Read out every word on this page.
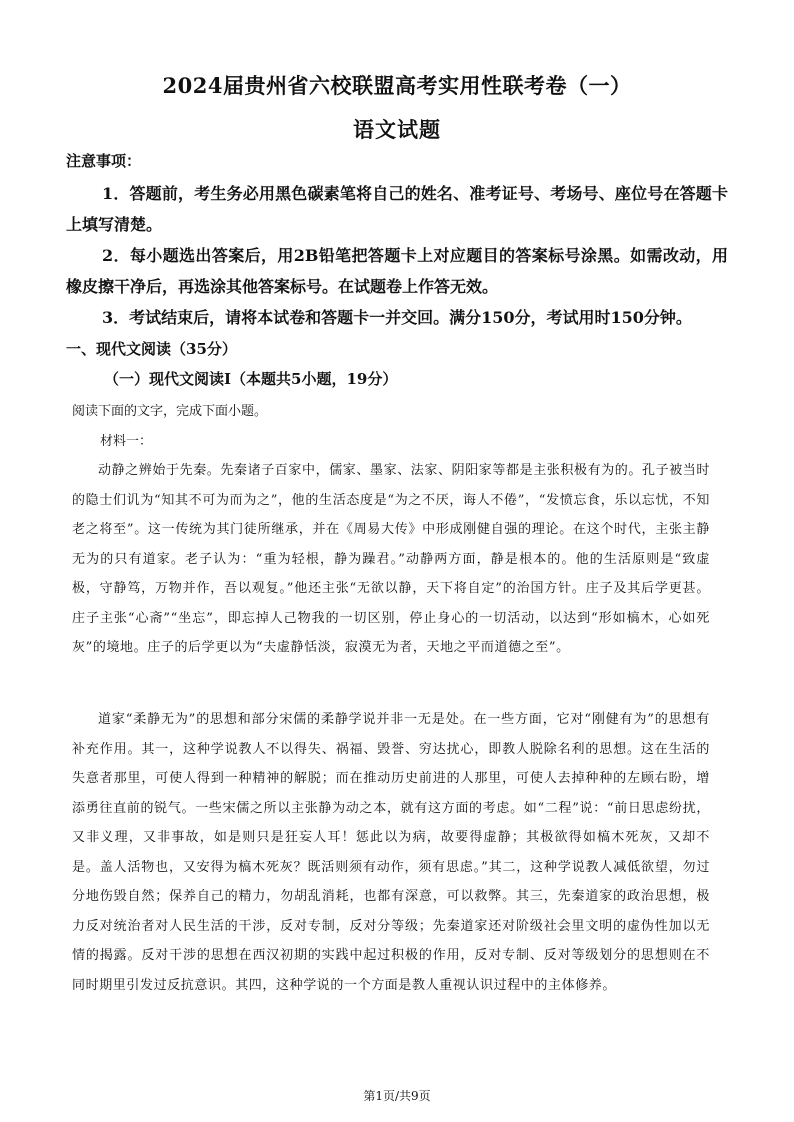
2024届贵州省六校联盟高考实用性联考卷（一）
语文试题
注意事项：
1．答题前，考生务必用黑色碳素笔将自己的姓名、准考证号、考场号、座位号在答题卡上填写清楚。
2．每小题选出答案后，用2B铅笔把答题卡上对应题目的答案标号涂黑。如需改动，用橡皮擦干净后，再选涂其他答案标号。在试题卷上作答无效。
3．考试结束后，请将本试卷和答题卡一并交回。满分150分，考试用时150分钟。
一、现代文阅读（35分）
（一）现代文阅读Ⅰ（本题共5小题，19分）
阅读下面的文字，完成下面小题。
材料一：
动静之辨始于先秦。先秦诸子百家中，儒家、墨家、法家、阴阳家等都是主张积极有为的。孔子被当时的隐士们讥为“知其不可为而为之”，他的生活态度是“为之不厌，诲人不倦”，“发愤忘食，乐以忘忧，不知老之将至”。这一传统为其门徒所继承，并在《周易大传》中形成刚健自强的理论。在这个时代，主张主静无为的只有道家。老子认为：“重为轻根，静为躁君。”动静两方面，静是根本的。他的生活原则是“致虚极，守静笃，万物并作，吾以观复。”他还主张“无欲以静，天下将自定”的治国方针。庄子及其后学更甚。庄子主张“心斋”“坐忘”，即忘掉人己物我的一切区别，停止身心的一切活动，以达到“形如槁木，心如死灰”的境地。庄子的后学更以为“夫虚静恬淡，寂漠无为者，天地之平而道德之至”。
道家“柔静无为”的思想和部分宋儒的柔静学说并非一无是处。在一些方面，它对“刚健有为”的思想有补充作用。其一，这种学说教人不以得失、祸福、毁誉、穷达扰心，即教人脱除名利的思想。这在生活的失意者那里，可使人得到一种精神的解脱；而在推动历史前进的人那里，可使人去掉种种的左顾右盼，增添勇往直前的锐气。一些宋儒之所以主张静为动之本，就有这方面的考虑。如“二程”说：“前日思虑纷扰，又非义理，又非事故，如是则只是狂妄人耳！惩此以为病，故要得虚静；其极欲得如槁木死灰，又却不是。盖人活物也，又安得为槁木死灰？既活则须有动作，须有思虑。”其二，这种学说教人减低欲望，勿过分地伤毁自然；保养自己的精力，勿胡乱消耗，也都有深意，可以救弊。其三，先秦道家的政治思想，极力反对统治者对人民生活的干涉，反对专制，反对分等级；先秦道家还对阶级社会里文明的虚伪性加以无情的揭露。反对干涉的思想在西汉初期的实践中起过积极的作用，反对专制、反对等级划分的思想则在不同时期里引发过反抗意识。其四，这种学说的一个方面是教人重视认识过程中的主体修养。
第1页/共9页
